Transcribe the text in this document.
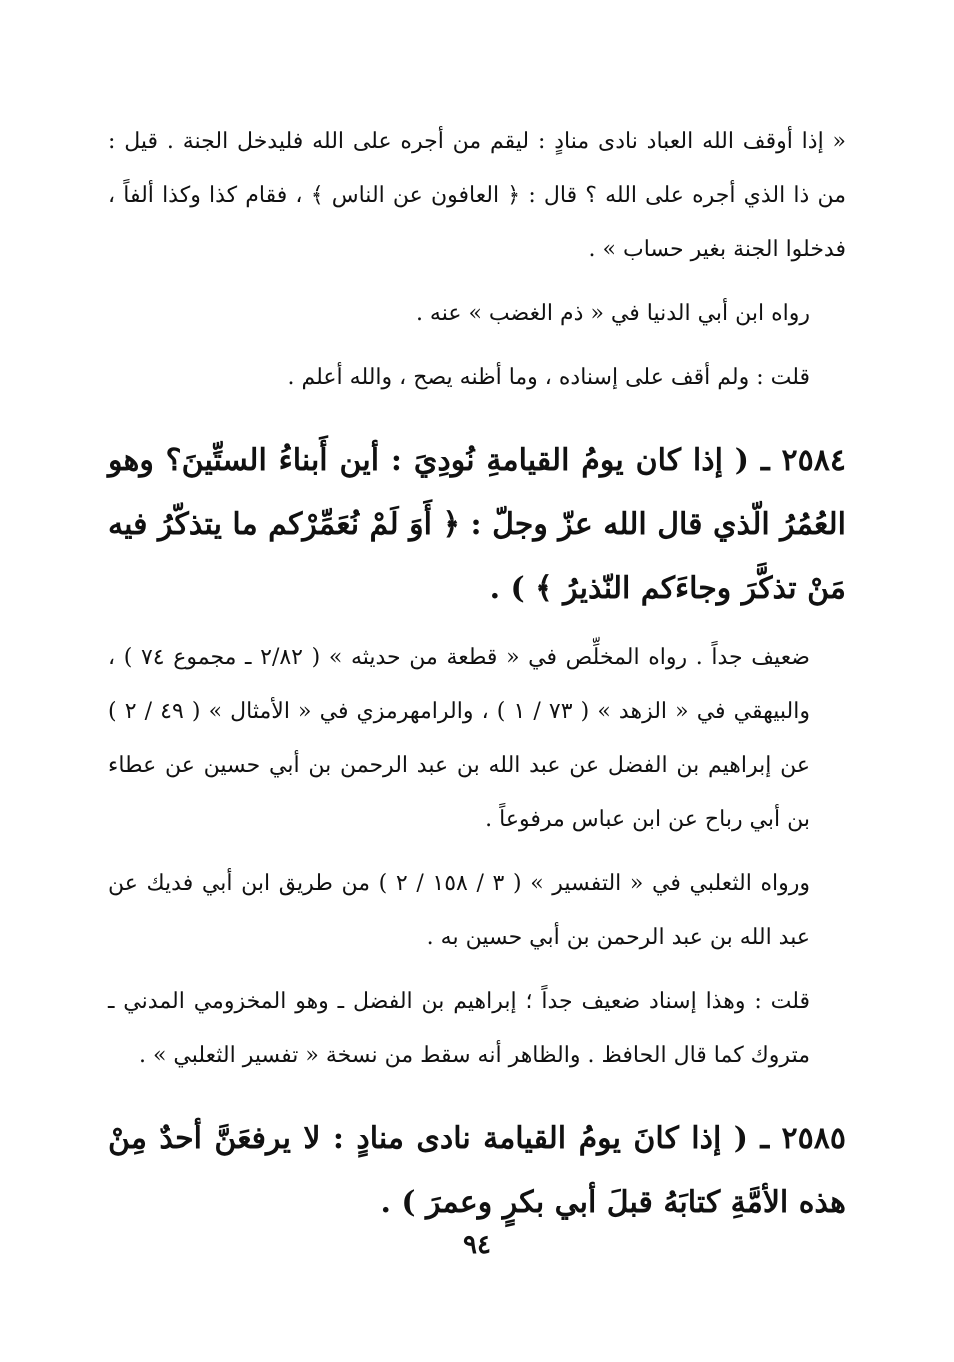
« إذا أوقف الله العباد نادى منادٍ : ليقم من أجره على الله فليدخل الجنة . قيل : من ذا الذي أجره على الله ؟ قال : ﴿ العافون عن الناس ﴾ ، فقام كذا وكذا ألفاً ، فدخلوا الجنة بغير حساب » .

رواه ابن أبي الدنيا في « ذم الغضب » عنه .

قلت : ولم أقف على إسناده ، وما أظنه يصح ، والله أعلم .

٢٥٨٤ ـ ( إذا كان يومُ القيامةِ نُودِيَ : أين أَبناءُ الستِّينَ؟ وهو العُمُرُ الّذي قال الله عزّ وجلّ : ﴿ أَوَ لَمْ نُعَمِّرْكم ما يتذكّرُ فيه مَنْ تذكَّرَ وجاءَكم النّذيرُ ﴾ ) .

ضعيف جداً . رواه المخلِّص في « قطعة من حديثه » ( ٢/٨٢ ـ مجموع ٧٤ ) ، والبيهقي في « الزهد » ( ٧٣ / ١ ) ، والرامهرمزي في « الأمثال » ( ٤٩ / ٢ ) عن إبراهيم بن الفضل عن عبد الله بن عبد الرحمن بن أبي حسين عن عطاء بن أبي رباح عن ابن عباس مرفوعاً .

ورواه الثعلبي في « التفسير » ( ٣ / ١٥٨ / ٢ ) من طريق ابن أبي فديك عن عبد الله بن عبد الرحمن بن أبي حسين به .

قلت : وهذا إسناد ضعيف جداً ؛ إبراهيم بن الفضل ـ وهو المخزومي المدني ـ متروك كما قال الحافظ . والظاهر أنه سقط من نسخة « تفسير الثعلبي » .

٢٥٨٥ ـ ( إذا كانَ يومُ القيامة نادى منادٍ : لا يرفعَنَّ أحدٌ مِنْ هذه الأمَّةِ كتابَهُ قبلَ أبي بكرٍ وعمرَ ) .

٩٤
